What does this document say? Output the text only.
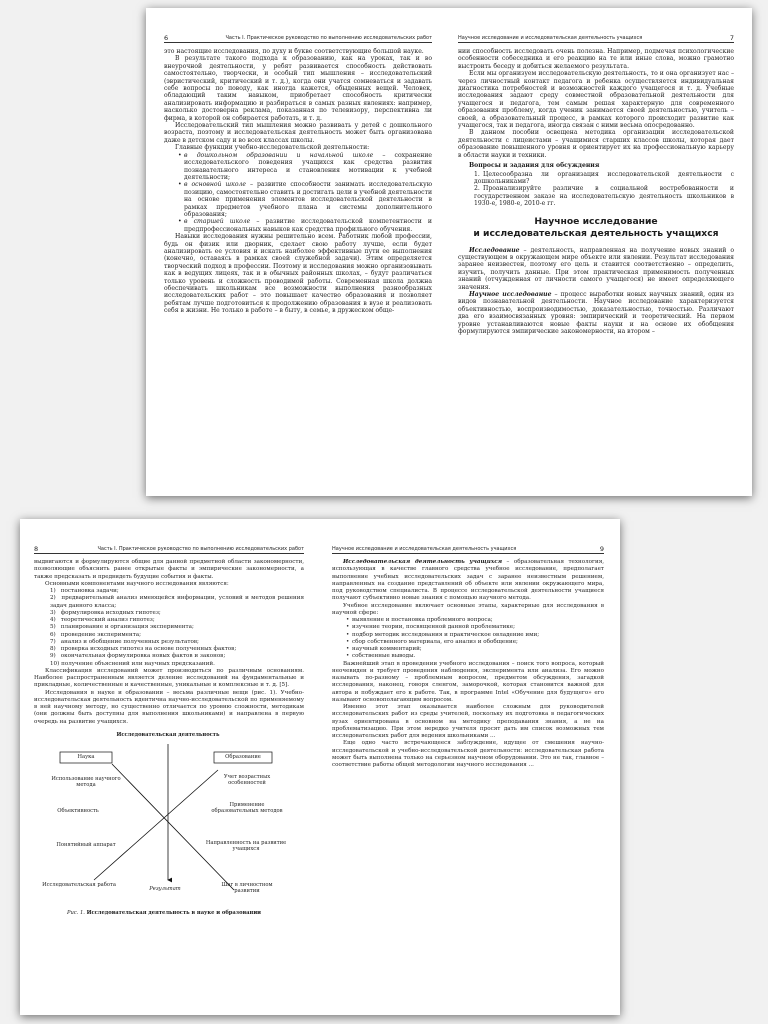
6	Часть I. Практическое руководство по выполнению исследовательских работ

это настоящие исследования, по духу и букве соответствующие большой науке.

В результате такого подхода к образованию, как на уроках, так и во внеурочной деятельности, у ребят развивается способность действовать самостоятельно, творчески, и особый тип мышления – исследовательский (эвристический, критический и т. д.), когда они учатся сомневаться и задавать себе вопросы по поводу, как иногда кажется, обыденных вещей. Человек, обладающий таким навыком, приобретает способность критически анализировать информацию и разбираться в самых разных явлениях: например, насколько достоверна реклама, показанная по телевизору, перспективна ли фирма, в которой он собирается работать, и т. д.

Исследовательский тип мышления можно развивать у детей с дошкольного возраста, поэтому и исследовательская деятельность может быть организована даже в детском саду и во всех классах школы.

Главные функции учебно-исследовательской деятельности:

• в дошкольном образовании и начальной школе – сохранение исследовательского поведения учащихся как средства развития познавательного интереса и становления мотивации к учебной деятельности;
• в основной школе – развитие способности занимать исследовательскую позицию, самостоятельно ставить и достигать цели в учебной деятельности на основе применения элементов исследовательской деятельности в рамках предметов учебного плана и системы дополнительного образования;
• в старшей школе – развитие исследовательской компетентности и предпрофессиональных навыков как средства профильного обучения.

Навыки исследования нужны решительно всем. Работник любой профессии, будь он физик или дворник, сделает свою работу лучше, если будет анализировать ее условия и искать наиболее эффективные пути ее выполнения (конечно, оставаясь в рамках своей служебной задачи). Этим определяется творческий подход в профессии. Поэтому и исследования можно организовывать как в ведущих лицеях, так и в обычных районных школах, – будут различаться только уровень и сложность проводимой работы. Современная школа должна обеспечивать школьникам все возможности выполнения разнообразных исследовательских работ – это повышает качество образования и позволяет ребятам лучше подготовиться к продолжению образования в вузе и реализовать себя в жизни. Не только в работе – в быту, в семье, в дружеском обще-

Научное исследование и исследовательская деятельность учащихся	7

нии способность исследовать очень полезна. Например, подмечая психологические особенности собеседника и его реакцию на те или иные слова, можно грамотно выстроить беседу и добиться желаемого результата.

Если мы организуем исследовательскую деятельность, то и она организует нас – через личностный контакт педагога и ребенка осуществляется индивидуальная диагностика потребностей и возможностей каждого учащегося и т. д. Учебные исследования задают среду совместной образовательной деятельности для учащегося и педагога, тем самым решая характерную для современного образования проблему, когда ученик занимается своей деятельностью, учитель – своей, а образовательный процесс, в рамках которого происходит развитие как учащегося, так и педагога, иногда связан с ними весьма опосредованно.

В данном пособии освещена методика организации исследовательской деятельности с лицеистами – учащимися старших классов школы, которая дает образование повышенного уровня и ориентирует их на профессиональную карьеру в области науки и техники.

Вопросы и задания для обсуждения
1. Целесообразна ли организация исследовательской деятельности с дошкольниками?
2. Проанализируйте различие в социальной востребованности и государственном заказе на исследовательскую деятельность школьников в 1930-е, 1980-е, 2010-е гг.
Научное исследование
и исследовательская деятельность учащихся

Исследование – деятельность, направленная на получение новых знаний о существующем в окружающем мире объекте или явлении. Результат исследования заранее неизвестен, поэтому его цель и ставится соответственно – определить, изучить, получить данные. При этом практическая применимость полученных знаний (отчужденная от личности самого учащегося) не имеет определяющего значения.

Научное исследование – процесс выработки новых научных знаний, один из видов познавательной деятельности. Научное исследование характеризуется объективностью, воспроизводимостью, доказательностью, точностью. Различают два его взаимосвязанных уровня: эмпирический и теоретический. На первом уровне устанавливаются новые факты науки и на основе их обобщения формулируются эмпирические закономерности, на втором –

8	Часть I. Практическое руководство по выполнению исследовательских работ

выдвигаются и формулируются общие для данной предметной области закономерности, позволяющие объяснить ранее открытые факты и эмпирические закономерности, а также предсказать и предвидеть будущие события и факты.

Основными компонентами научного исследования являются:

1) постановка задачи;
2) предварительный анализ имеющейся информации, условий и методов решения задач данного класса;
3) формулировка исходных гипотез;
4) теоретический анализ гипотез;
5) планирование и организация эксперимента;
6) проведение эксперимента;
7) анализ и обобщение полученных результатов;
8) проверка исходных гипотез на основе полученных фактов;
9) окончательная формулировка новых фактов и законов;
10) получение объяснений или научных предсказаний.

Классификация исследований может производиться по различным основаниям. Наиболее распространенным является деление исследований на фундаментальные и прикладные, количественные и качественные, уникальные и комплексные и т. д. [5].

Исследования в науке и образовании – весьма различные вещи (рис. 1). Учебно-исследовательская деятельность идентична научно-исследовательской по применяемому в ней научному методу, но существенно отличается по уровню сложности, методикам (они должны быть доступны для выполнения школьниками) и направлена в первую очередь на развитие учащихся.

Исследовательская деятельность
Наука	Образование
Использование научного метода
Объективность
Понятийный аппарат
Исследовательская работа
Учет возрастных особенностей
Применение образовательных методов
Направленность на развитие учащихся
Шаг в личностном развитии
Результат
Рис. 1. Исследовательская деятельность в науке и образовании
Научное исследование и исследовательская деятельность учащихся	9

Исследовательская деятельность учащихся – образовательная технология, использующая в качестве главного средства учебное исследование, предполагает выполнение учебных исследовательских задач с заранее неизвестным решением, направленных на создание представлений об объекте или явлении окружающего мира, под руководством специалиста. В процессе исследовательской деятельности учащиеся получают субъективно новые знания с помощью научного метода.

Учебное исследование включает основные этапы, характерные для исследования в научной сфере:

• выявление и постановка проблемного вопроса;
• изучение теории, посвященной данной проблематике;
• подбор методик исследования и практическое овладение ими;
• сбор собственного материала, его анализ и обобщение;
• научный комментарий;
• собственные выводы.

Важнейший этап в проведении учебного исследования – поиск того вопроса, который неочевиден и требует проведения наблюдения, эксперимента или анализа. Его можно называть по-разному – проблемным вопросом, предметом обсуждения, загадкой исследования, наконец, говоря сленгом, заморочкой, которая становится важной для автора и побуждает его к работе. Так, в программе Intel «Обучение для будущего» его называют основополагающим вопросом.

Именно этот этап оказывается наиболее сложным для руководителей исследовательских работ из среды учителей, поскольку их подготовка в педагогических вузах ориентирована в основном на методику преподавания знания, а не на проблематизацию. При этом нередко учителя просят дать им список возможных тем исследовательских работ для ведения школьниками ...

Еще одно часто встречающееся заблуждение, идущее от смешения научно-исследовательской и учебно-исследовательской деятельности: исследовательская работа может быть выполнена только на серьезном научном оборудовании. Это не так, главное – соответствие работы общей методологии научного исследования ...
